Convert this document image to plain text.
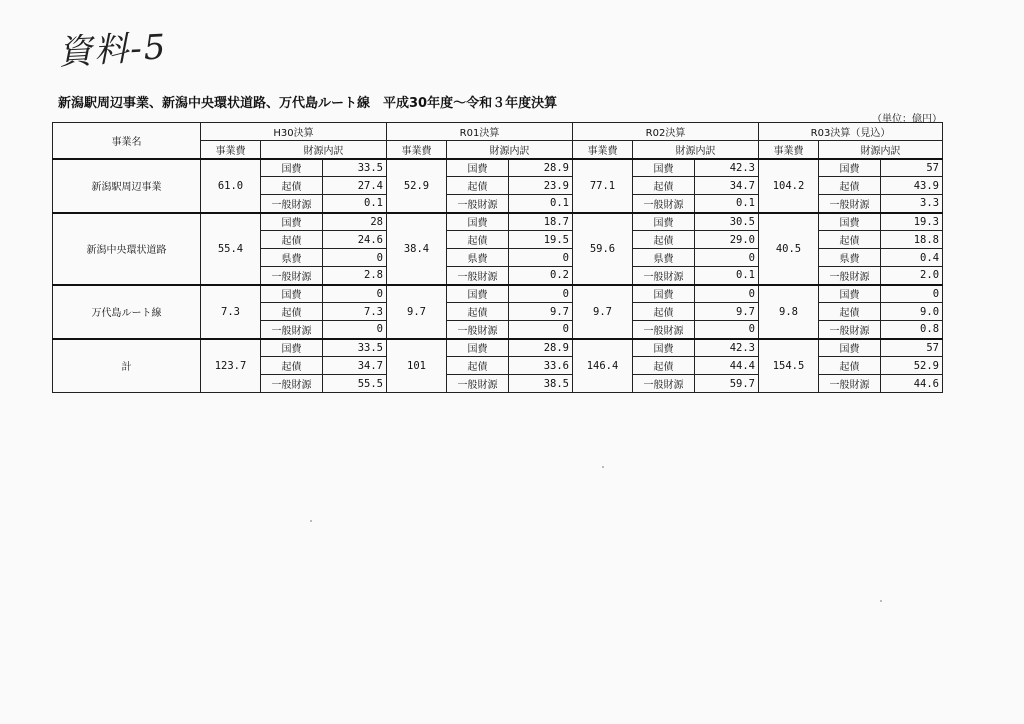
資料-5
新潟駅周辺事業、新潟中央環状道路、万代島ルート線　平成30年度～令和３年度決算
（単位：億円）
事業名	H30決算			R01決算			R02決算			R03決算（見込）		
	事業費	財源内訳		事業費	財源内訳		事業費	財源内訳		事業費	財源内訳	
新潟駅周辺事業	61.0	国費	33.5	52.9	国費	28.9	77.1	国費	42.3	104.2	国費	57
		起債	27.4		起債	23.9		起債	34.7		起債	43.9
		一般財源	0.1		一般財源	0.1		一般財源	0.1		一般財源	3.3
新潟中央環状道路	55.4	国費	28	38.4	国費	18.7	59.6	国費	30.5	40.5	国費	19.3
		起債	24.6		起債	19.5		起債	29.0		起債	18.8
		県費	0		県費	0		県費	0		県費	0.4
		一般財源	2.8		一般財源	0.2		一般財源	0.1		一般財源	2.0
万代島ルート線	7.3	国費	0	9.7	国費	0	9.7	国費	0	9.8	国費	0
		起債	7.3		起債	9.7		起債	9.7		起債	9.0
		一般財源	0		一般財源	0		一般財源	0		一般財源	0.8
計	123.7	国費	33.5	101	国費	28.9	146.4	国費	42.3	154.5	国費	57
		起債	34.7		起債	33.6		起債	44.4		起債	52.9
		一般財源	55.5		一般財源	38.5		一般財源	59.7		一般財源	44.6
